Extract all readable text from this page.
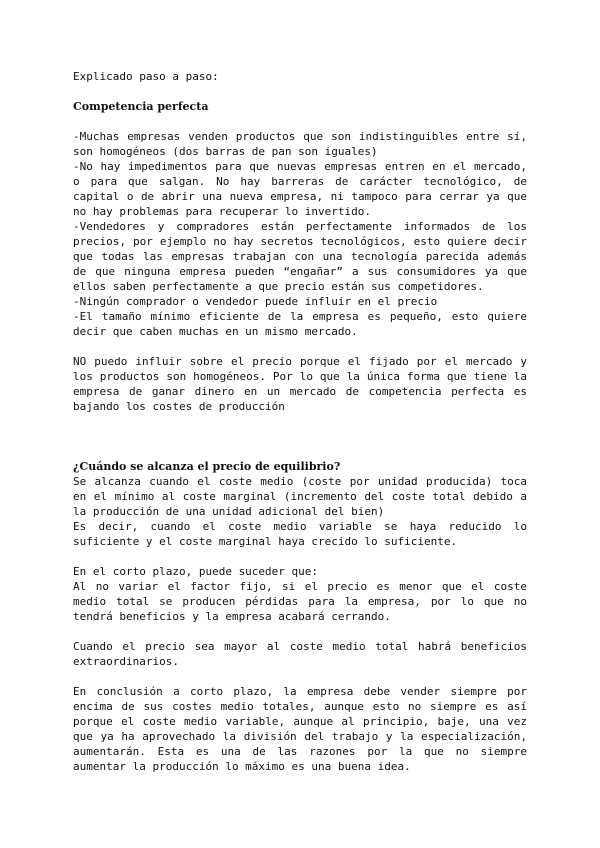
Explicado paso a paso:

Competencia perfecta

-Muchas empresas venden productos que son indistinguibles entre sí, son homogéneos (dos barras de pan son iguales)
-No hay impedimentos para que nuevas empresas entren en el mercado, o para que salgan. No hay barreras de carácter tecnológico, de capital o de abrir una nueva empresa, ni tampoco para cerrar ya que no hay problemas para recuperar lo invertido.
-Vendedores y compradores están perfectamente informados de los precios, por ejemplo no hay secretos tecnológicos, esto quiere decir que todas las empresas trabajan con una tecnología parecida además de que ninguna empresa pueden “engañar” a sus consumidores ya que ellos saben perfectamente a que precio están sus competidores.
-Ningún comprador o vendedor puede influir en el precio
-El tamaño mínimo eficiente de la empresa es pequeño, esto quiere decir que caben muchas en un mismo mercado.

NO puedo influir sobre el precio porque el fijado por el mercado y los productos son homogéneos. Por lo que la única forma que tiene la empresa de ganar dinero en un mercado de competencia perfecta es bajando los costes de producción

¿Cuándo se alcanza el precio de equilibrio?

Se alcanza cuando el coste medio (coste por unidad producida) toca en el mínimo al coste marginal (incremento del coste total debido a la producción de una unidad adicional del bien)
Es decir, cuando el coste medio variable se haya reducido lo suficiente y el coste marginal haya crecido lo suficiente.

En el corto plazo, puede suceder que:
Al no variar el factor fijo, si el precio es menor que el coste medio total se producen pérdidas para la empresa, por lo que no tendrá beneficios y la empresa acabará cerrando.

Cuando el precio sea mayor al coste medio total habrá beneficios extraordinarios.

En conclusión a corto plazo, la empresa debe vender siempre por encima de sus costes medio totales, aunque esto no siempre es así porque el coste medio variable, aunque al principio, baje, una vez que ya ha aprovechado la división del trabajo y la especialización, aumentarán. Esta es una de las razones por la que no siempre aumentar la producción lo máximo es una buena idea.
